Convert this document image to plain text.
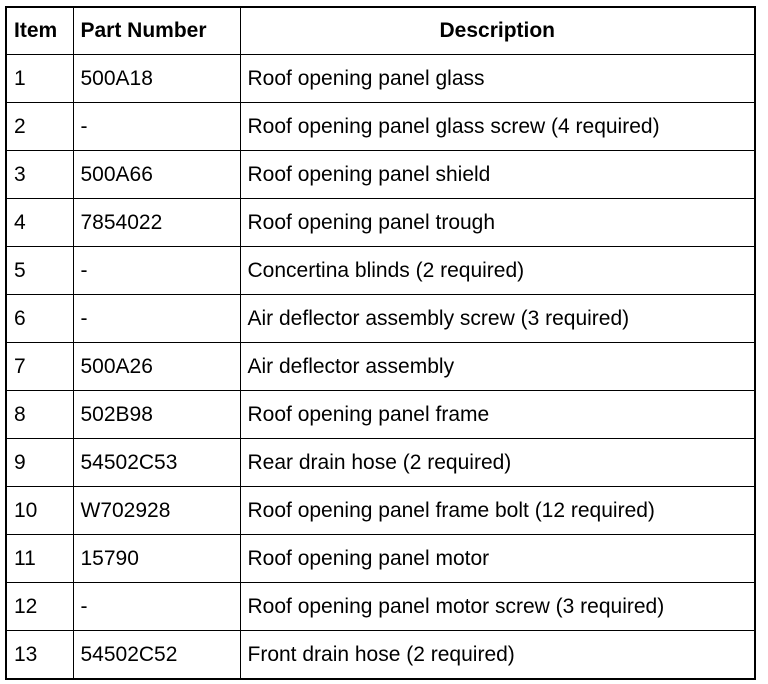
Item	Part Number	Description
1	500A18	Roof opening panel glass
2	-	Roof opening panel glass screw (4 required)
3	500A66	Roof opening panel shield
4	7854022	Roof opening panel trough
5	-	Concertina blinds (2 required)
6	-	Air deflector assembly screw (3 required)
7	500A26	Air deflector assembly
8	502B98	Roof opening panel frame
9	54502C53	Rear drain hose (2 required)
10	W702928	Roof opening panel frame bolt (12 required)
11	15790	Roof opening panel motor
12	-	Roof opening panel motor screw (3 required)
13	54502C52	Front drain hose (2 required)
